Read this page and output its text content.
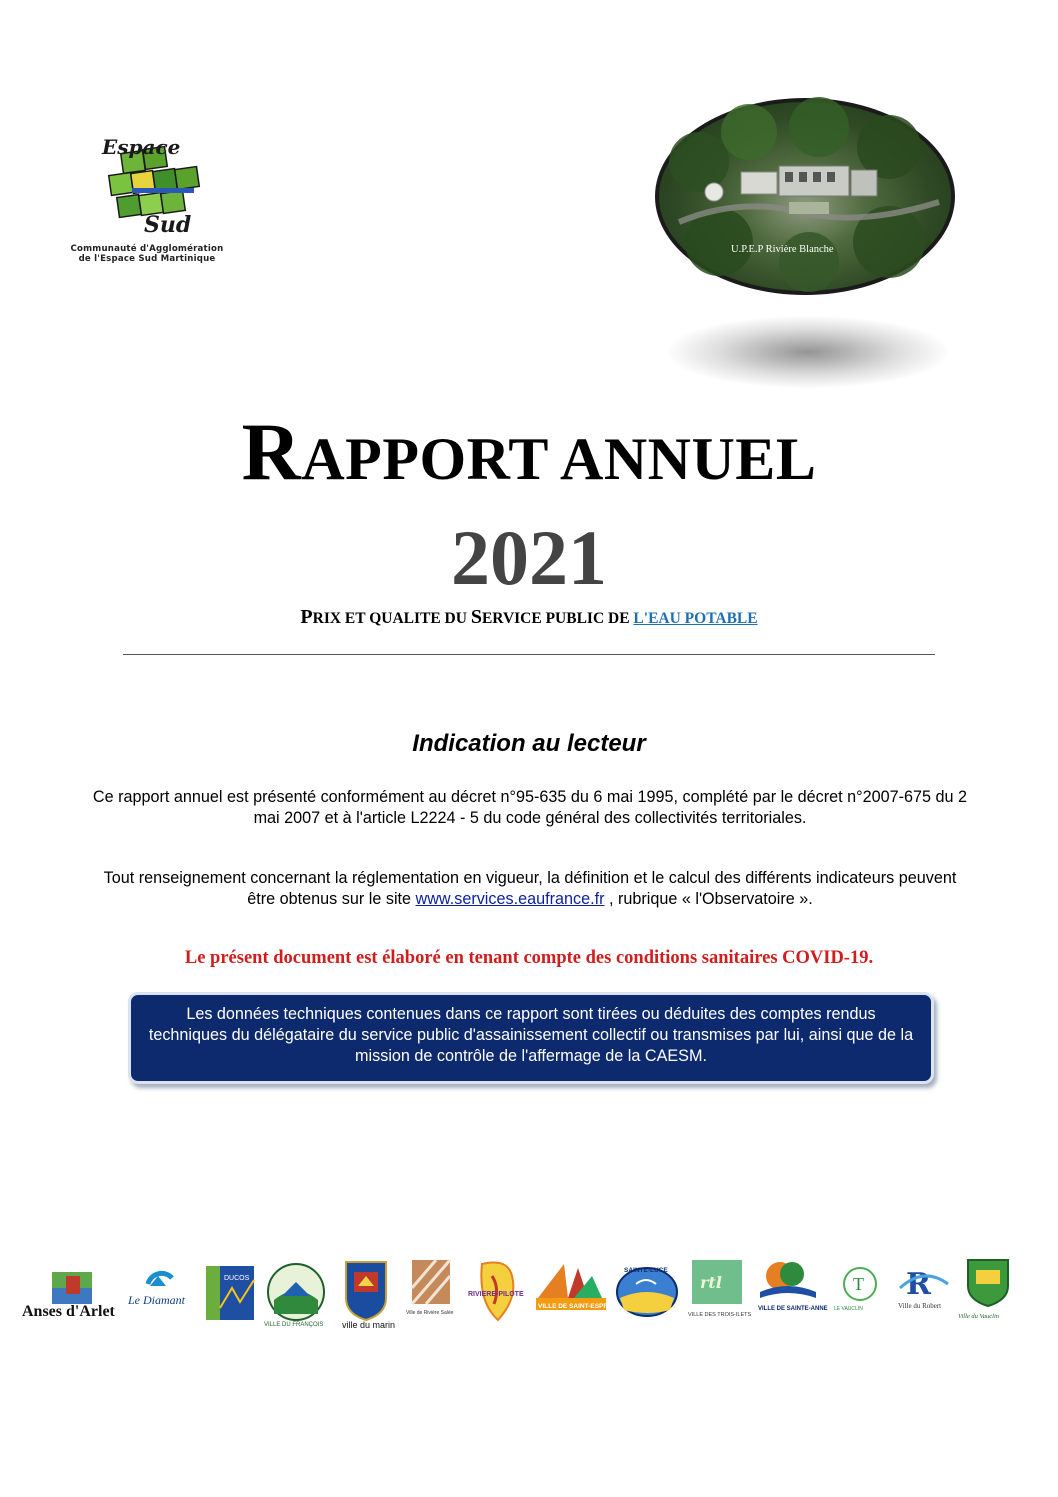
Espace
Sud
Communauté d'Agglomération
de l'Espace Sud Martinique
U.P.E.P Rivière Blanche
RAPPORT ANNUEL
2021
PRIX ET QUALITE DU SERVICE PUBLIC DE L'EAU POTABLE
Indication au lecteur
Ce rapport annuel est présenté conformément au décret n°95-635 du 6 mai 1995, complété par le décret n°2007-675 du 2 mai 2007 et à l'article L2224 - 5 du code général des collectivités territoriales.
Tout renseignement concernant la réglementation en vigueur, la définition et le calcul des différents indicateurs peuvent être obtenus sur le site www.services.eaufrance.fr , rubrique « l'Observatoire ».
Le présent document est élaboré en tenant compte des conditions sanitaires COVID-19.
Les données techniques contenues dans ce rapport sont tirées ou déduites des comptes rendus techniques du délégataire du service public d'assainissement collectif ou transmises par lui, ainsi que de la mission de contrôle de l'affermage de la CAESM.
Anses d'Arlet
Le Diamant
DUCOS
VILLE DU FRANÇOIS ville du marin
Ville de Rivière Salée
RIVIERE-PILOTE
VILLE DE SAINT-ESPRIT
SAINTE-LUCE
rtl
VILLE DES TROIS-ILETS
VILLE DE SAINTE-ANNE
T
LE VAUCLIN
R
Ville du Robert
Ville du Vauclin
